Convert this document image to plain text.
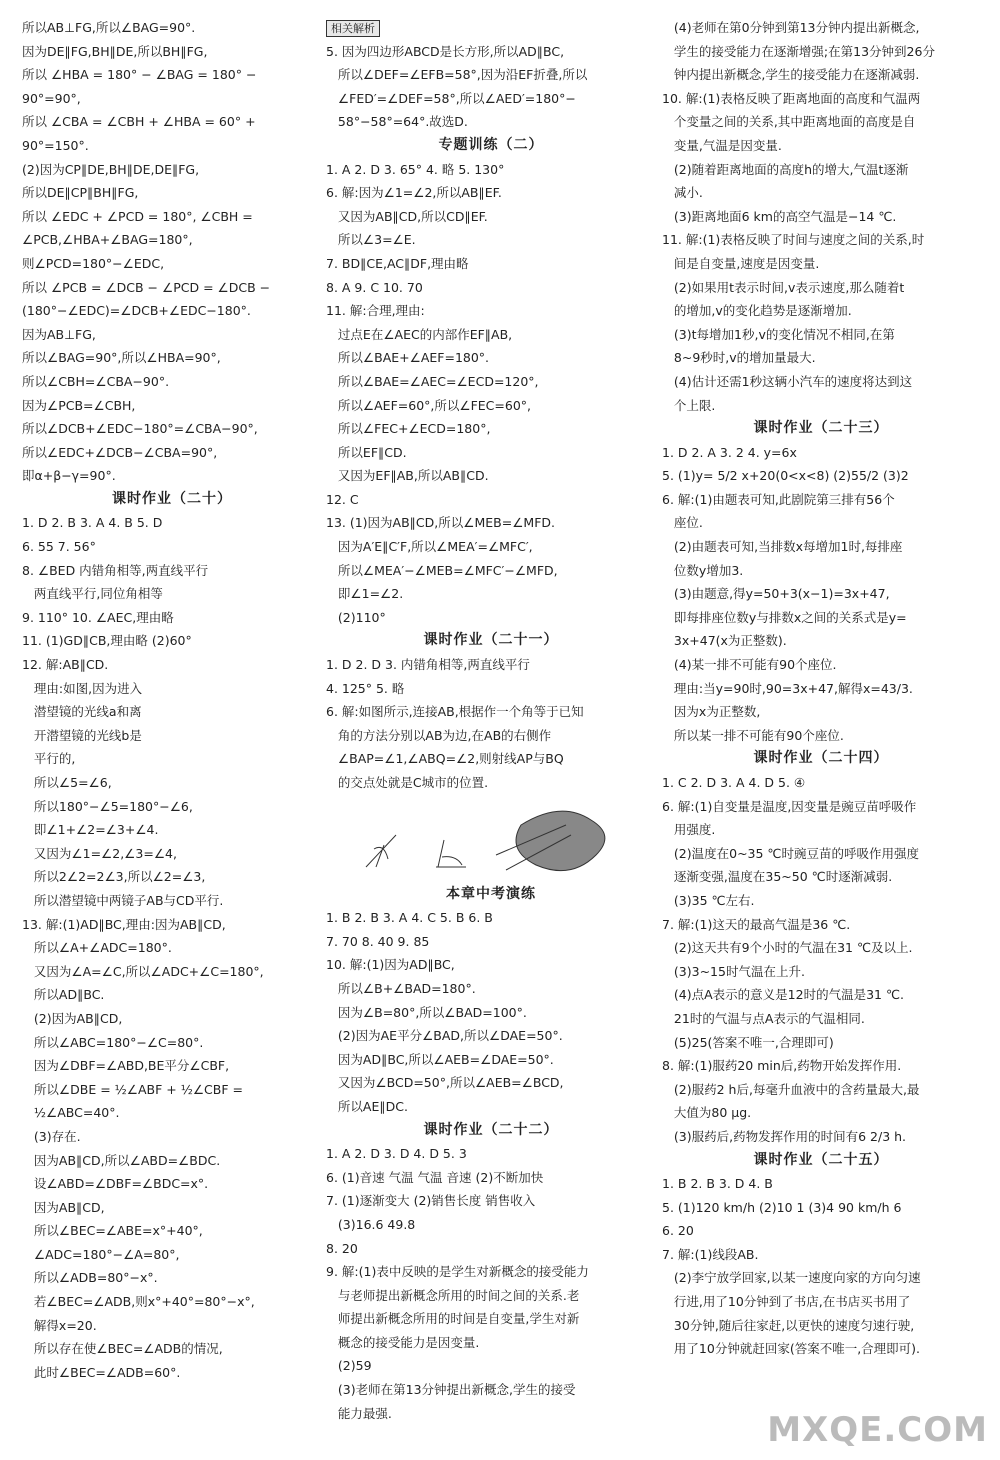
所以AB⊥FG,所以∠BAG=90°.
因为DE∥FG,BH∥DE,所以BH∥FG,
所以 ∠HBA = 180° − ∠BAG = 180° −
90°=90°,
所以 ∠CBA = ∠CBH + ∠HBA = 60° +
90°=150°.
(2)因为CP∥DE,BH∥DE,DE∥FG,
所以DE∥CP∥BH∥FG,
所以 ∠EDC + ∠PCD = 180°, ∠CBH =
∠PCB,∠HBA+∠BAG=180°,
则∠PCD=180°−∠EDC,
所以 ∠PCB = ∠DCB − ∠PCD = ∠DCB −
(180°−∠EDC)=∠DCB+∠EDC−180°.
因为AB⊥FG,
所以∠BAG=90°,所以∠HBA=90°,
所以∠CBH=∠CBA−90°.
因为∠PCB=∠CBH,
所以∠DCB+∠EDC−180°=∠CBA−90°,
所以∠EDC+∠DCB−∠CBA=90°,
即α+β−γ=90°.
课时作业（二十）
1. D 2. B 3. A 4. B 5. D
6. 55 7. 56°
8. ∠BED 内错角相等,两直线平行
两直线平行,同位角相等
9. 110° 10. ∠AEC,理由略
11. (1)GD∥CB,理由略 (2)60°
12. 解:AB∥CD.
理由:如图,因为进入
潜望镜的光线a和离
开潜望镜的光线b是
平行的,
所以∠5=∠6,
所以180°−∠5=180°−∠6,
即∠1+∠2=∠3+∠4.
又因为∠1=∠2,∠3=∠4,
所以2∠2=2∠3,所以∠2=∠3,
所以潜望镜中两镜子AB与CD平行.
13. 解:(1)AD∥BC,理由:因为AB∥CD,
所以∠A+∠ADC=180°.
又因为∠A=∠C,所以∠ADC+∠C=180°,
所以AD∥BC.
(2)因为AB∥CD,
所以∠ABC=180°−∠C=80°.
因为∠DBF=∠ABD,BE平分∠CBF,
所以∠DBE = ½∠ABF + ½∠CBF =
½∠ABC=40°.
(3)存在.
因为AB∥CD,所以∠ABD=∠BDC.
设∠ABD=∠DBF=∠BDC=x°.
因为AB∥CD,
所以∠BEC=∠ABE=x°+40°,
∠ADC=180°−∠A=80°,
所以∠ADB=80°−x°.
若∠BEC=∠ADB,则x°+40°=80°−x°,
解得x=20.
所以存在使∠BEC=∠ADB的情况,
此时∠BEC=∠ADB=60°.
相关解析
5. 因为四边形ABCD是长方形,所以AD∥BC,
所以∠DEF=∠EFB=58°,因为沿EF折叠,所以
∠FED′=∠DEF=58°,所以∠AED′=180°−
58°−58°=64°.故选D.
专题训练（二）
1. A 2. D 3. 65° 4. 略 5. 130°
6. 解:因为∠1=∠2,所以AB∥EF.
又因为AB∥CD,所以CD∥EF.
所以∠3=∠E.
7. BD∥CE,AC∥DF,理由略
8. A 9. C 10. 70
11. 解:合理,理由:
过点E在∠AEC的内部作EF∥AB,
所以∠BAE+∠AEF=180°.
所以∠BAE=∠AEC=∠ECD=120°,
所以∠AEF=60°,所以∠FEC=60°,
所以∠FEC+∠ECD=180°,
所以EF∥CD.
又因为EF∥AB,所以AB∥CD.
12. C
13. (1)因为AB∥CD,所以∠MEB=∠MFD.
因为A′E∥C′F,所以∠MEA′=∠MFC′,
所以∠MEA′−∠MEB=∠MFC′−∠MFD,
即∠1=∠2.
(2)110°
课时作业（二十一）
1. D 2. D 3. 内错角相等,两直线平行
4. 125° 5. 略
6. 解:如图所示,连接AB,根据作一个角等于已知
角的方法分别以AB为边,在AB的右侧作
∠BAP=∠1,∠ABQ=∠2,则射线AP与BQ
的交点处就是C城市的位置.
本章中考演练
1. B 2. B 3. A 4. C 5. B 6. B
7. 70 8. 40 9. 85
10. 解:(1)因为AD∥BC,
所以∠B+∠BAD=180°.
因为∠B=80°,所以∠BAD=100°.
(2)因为AE平分∠BAD,所以∠DAE=50°.
因为AD∥BC,所以∠AEB=∠DAE=50°.
又因为∠BCD=50°,所以∠AEB=∠BCD,
所以AE∥DC.
课时作业（二十二）
1. A 2. D 3. D 4. D 5. 3
6. (1)音速 气温 气温 音速 (2)不断加快
7. (1)逐渐变大 (2)销售长度 销售收入
(3)16.6 49.8
8. 20
9. 解:(1)表中反映的是学生对新概念的接受能力
与老师提出新概念所用的时间之间的关系.老
师提出新概念所用的时间是自变量,学生对新
概念的接受能力是因变量.
(2)59
(3)老师在第13分钟提出新概念,学生的接受
能力最强.
(4)老师在第0分钟到第13分钟内提出新概念,
学生的接受能力在逐渐增强;在第13分钟到26分
钟内提出新概念,学生的接受能力在逐渐减弱.
10. 解:(1)表格反映了距离地面的高度和气温两
个变量之间的关系,其中距离地面的高度是自
变量,气温是因变量.
(2)随着距离地面的高度h的增大,气温t逐渐
减小.
(3)距离地面6 km的高空气温是−14 ℃.
11. 解:(1)表格反映了时间与速度之间的关系,时
间是自变量,速度是因变量.
(2)如果用t表示时间,v表示速度,那么随着t
的增加,v的变化趋势是逐渐增加.
(3)t每增加1秒,v的变化情况不相同,在第
8~9秒时,v的增加量最大.
(4)估计还需1秒这辆小汽车的速度将达到这
个上限.
课时作业（二十三）
1. D 2. A 3. 2 4. y=6x
5. (1)y= 5/2 x+20(0<x<8) (2)55/2 (3)2
6. 解:(1)由题表可知,此剧院第三排有56个
座位.
(2)由题表可知,当排数x每增加1时,每排座
位数y增加3.
(3)由题意,得y=50+3(x−1)=3x+47,
即每排座位数y与排数x之间的关系式是y=
3x+47(x为正整数).
(4)某一排不可能有90个座位.
理由:当y=90时,90=3x+47,解得x=43/3.
因为x为正整数,
所以某一排不可能有90个座位.
课时作业（二十四）
1. C 2. D 3. A 4. D 5. ④
6. 解:(1)自变量是温度,因变量是豌豆苗呼吸作
用强度.
(2)温度在0~35 ℃时豌豆苗的呼吸作用强度
逐渐变强,温度在35~50 ℃时逐渐减弱.
(3)35 ℃左右.
7. 解:(1)这天的最高气温是36 ℃.
(2)这天共有9个小时的气温在31 ℃及以上.
(3)3~15时气温在上升.
(4)点A表示的意义是12时的气温是31 ℃.
21时的气温与点A表示的气温相同.
(5)25(答案不唯一,合理即可)
8. 解:(1)服药20 min后,药物开始发挥作用.
(2)服药2 h后,每毫升血液中的含药量最大,最
大值为80 μg.
(3)服药后,药物发挥作用的时间有6 2/3 h.
课时作业（二十五）
1. B 2. B 3. D 4. B
5. (1)120 km/h (2)10 1 (3)4 90 km/h 6
6. 20
7. 解:(1)线段AB.
(2)李宁放学回家,以某一速度向家的方向匀速
行进,用了10分钟到了书店,在书店买书用了
30分钟,随后往家赶,以更快的速度匀速行驶,
用了10分钟就赶回家(答案不唯一,合理即可).
MXQE.COM
